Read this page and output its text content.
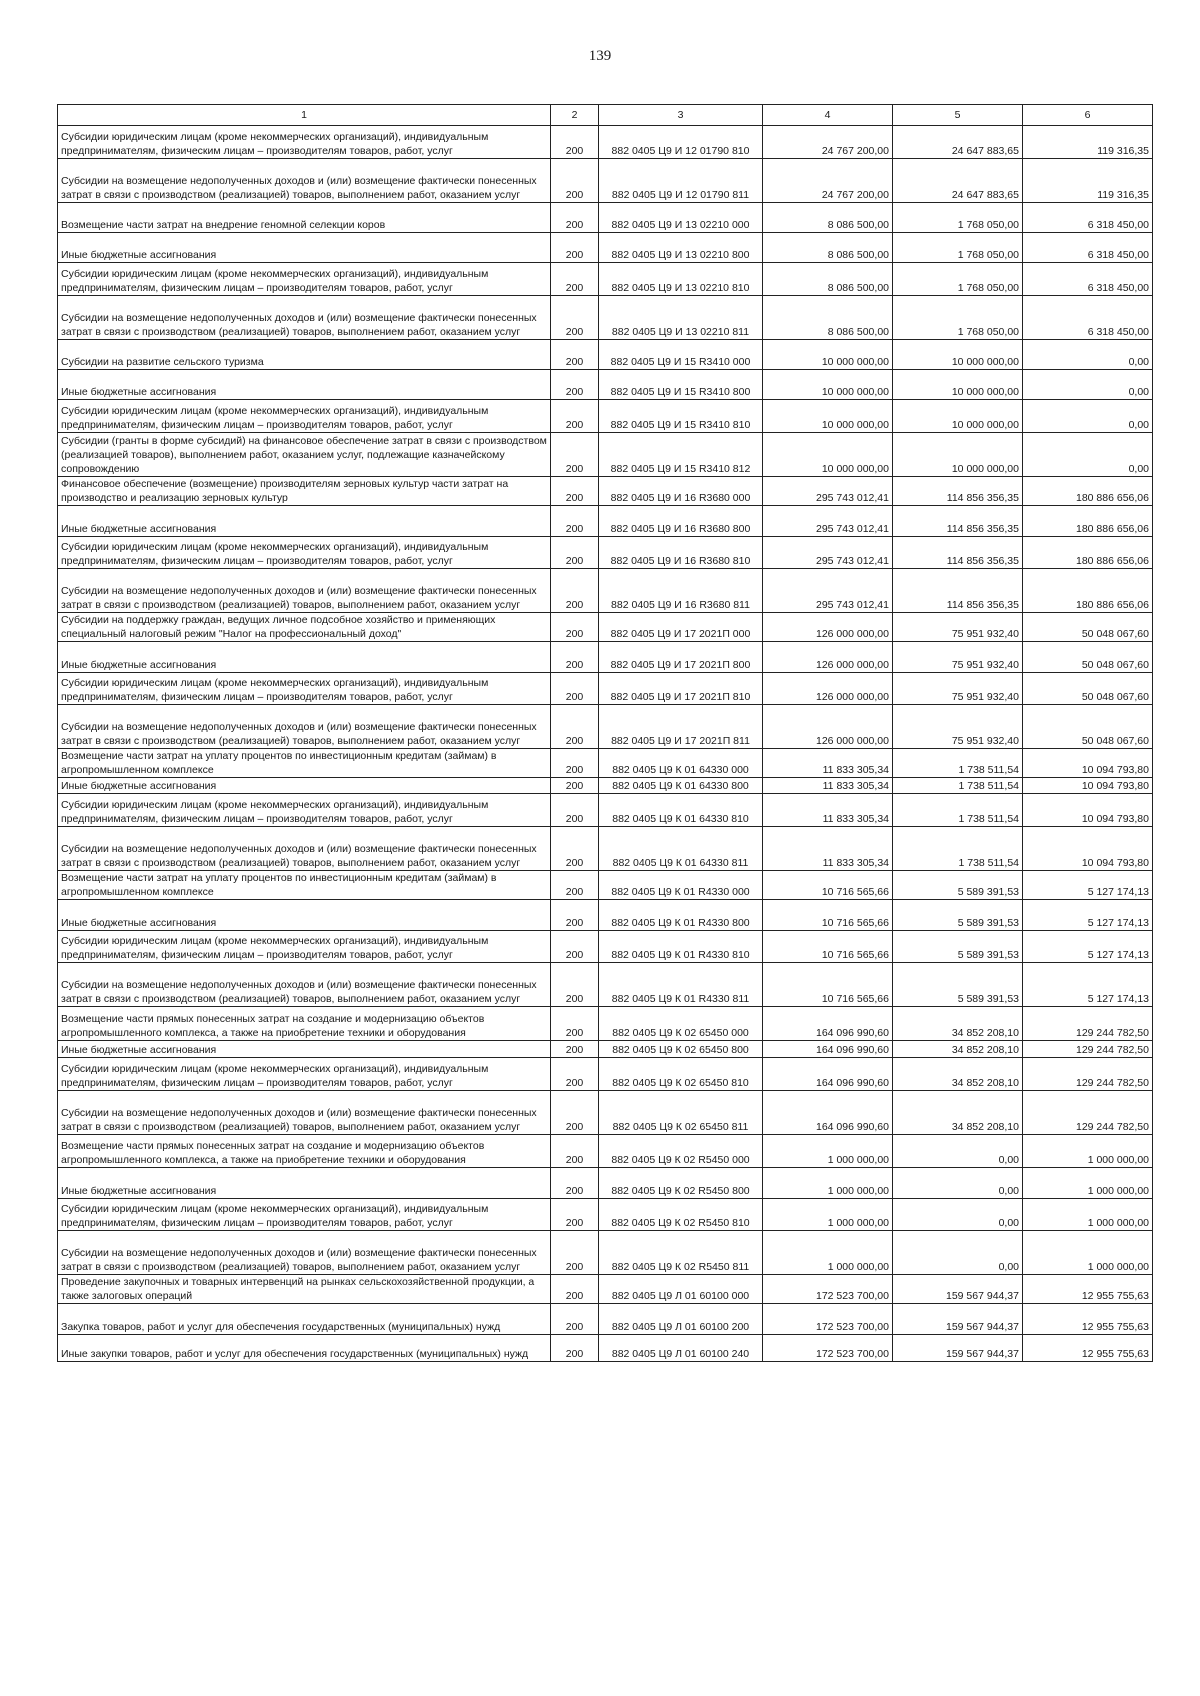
139
1	2	3	4	5	6
Субсидии юридическим лицам (кроме некоммерческих организаций), индивидуальным предпринимателям, физическим лицам – производителям товаров, работ, услуг	200	882 0405 Ц9 И 12 01790 810	24 767 200,00	24 647 883,65	119 316,35
Субсидии на возмещение недополученных доходов и (или) возмещение фактически понесенных затрат в связи с производством (реализацией) товаров, выполнением работ, оказанием услуг	200	882 0405 Ц9 И 12 01790 811	24 767 200,00	24 647 883,65	119 316,35
Возмещение части затрат на внедрение геномной селекции коров	200	882 0405 Ц9 И 13 02210 000	8 086 500,00	1 768 050,00	6 318 450,00
Иные бюджетные ассигнования	200	882 0405 Ц9 И 13 02210 800	8 086 500,00	1 768 050,00	6 318 450,00
Субсидии юридическим лицам (кроме некоммерческих организаций), индивидуальным предпринимателям, физическим лицам – производителям товаров, работ, услуг	200	882 0405 Ц9 И 13 02210 810	8 086 500,00	1 768 050,00	6 318 450,00
Субсидии на возмещение недополученных доходов и (или) возмещение фактически понесенных затрат в связи с производством (реализацией) товаров, выполнением работ, оказанием услуг	200	882 0405 Ц9 И 13 02210 811	8 086 500,00	1 768 050,00	6 318 450,00
Субсидии на развитие сельского туризма	200	882 0405 Ц9 И 15 R3410 000	10 000 000,00	10 000 000,00	0,00
Иные бюджетные ассигнования	200	882 0405 Ц9 И 15 R3410 800	10 000 000,00	10 000 000,00	0,00
Субсидии юридическим лицам (кроме некоммерческих организаций), индивидуальным предпринимателям, физическим лицам – производителям товаров, работ, услуг	200	882 0405 Ц9 И 15 R3410 810	10 000 000,00	10 000 000,00	0,00
Субсидии (гранты в форме субсидий) на финансовое обеспечение затрат в связи с производством (реализацией товаров), выполнением работ, оказанием услуг, подлежащие казначейскому сопровождению	200	882 0405 Ц9 И 15 R3410 812	10 000 000,00	10 000 000,00	0,00
Финансовое обеспечение (возмещение) производителям зерновых культур части затрат на производство и реализацию зерновых культур	200	882 0405 Ц9 И 16 R3680 000	295 743 012,41	114 856 356,35	180 886 656,06
Иные бюджетные ассигнования	200	882 0405 Ц9 И 16 R3680 800	295 743 012,41	114 856 356,35	180 886 656,06
Субсидии юридическим лицам (кроме некоммерческих организаций), индивидуальным предпринимателям, физическим лицам – производителям товаров, работ, услуг	200	882 0405 Ц9 И 16 R3680 810	295 743 012,41	114 856 356,35	180 886 656,06
Субсидии на возмещение недополученных доходов и (или) возмещение фактически понесенных затрат в связи с производством (реализацией) товаров, выполнением работ, оказанием услуг	200	882 0405 Ц9 И 16 R3680 811	295 743 012,41	114 856 356,35	180 886 656,06
Субсидии на поддержку граждан, ведущих личное подсобное хозяйство и применяющих специальный налоговый режим "Налог на профессиональный доход"	200	882 0405 Ц9 И 17 2021П 000	126 000 000,00	75 951 932,40	50 048 067,60
Иные бюджетные ассигнования	200	882 0405 Ц9 И 17 2021П 800	126 000 000,00	75 951 932,40	50 048 067,60
Субсидии юридическим лицам (кроме некоммерческих организаций), индивидуальным предпринимателям, физическим лицам – производителям товаров, работ, услуг	200	882 0405 Ц9 И 17 2021П 810	126 000 000,00	75 951 932,40	50 048 067,60
Субсидии на возмещение недополученных доходов и (или) возмещение фактически понесенных затрат в связи с производством (реализацией) товаров, выполнением работ, оказанием услуг	200	882 0405 Ц9 И 17 2021П 811	126 000 000,00	75 951 932,40	50 048 067,60
Возмещение части затрат на уплату процентов по инвестиционным кредитам (займам) в агропромышленном комплексе	200	882 0405 Ц9 К 01 64330 000	11 833 305,34	1 738 511,54	10 094 793,80
Иные бюджетные ассигнования	200	882 0405 Ц9 К 01 64330 800	11 833 305,34	1 738 511,54	10 094 793,80
Субсидии юридическим лицам (кроме некоммерческих организаций), индивидуальным предпринимателям, физическим лицам – производителям товаров, работ, услуг	200	882 0405 Ц9 К 01 64330 810	11 833 305,34	1 738 511,54	10 094 793,80
Субсидии на возмещение недополученных доходов и (или) возмещение фактически понесенных затрат в связи с производством (реализацией) товаров, выполнением работ, оказанием услуг	200	882 0405 Ц9 К 01 64330 811	11 833 305,34	1 738 511,54	10 094 793,80
Возмещение части затрат на уплату процентов по инвестиционным кредитам (займам) в агропромышленном комплексе	200	882 0405 Ц9 К 01 R4330 000	10 716 565,66	5 589 391,53	5 127 174,13
Иные бюджетные ассигнования	200	882 0405 Ц9 К 01 R4330 800	10 716 565,66	5 589 391,53	5 127 174,13
Субсидии юридическим лицам (кроме некоммерческих организаций), индивидуальным предпринимателям, физическим лицам – производителям товаров, работ, услуг	200	882 0405 Ц9 К 01 R4330 810	10 716 565,66	5 589 391,53	5 127 174,13
Субсидии на возмещение недополученных доходов и (или) возмещение фактически понесенных затрат в связи с производством (реализацией) товаров, выполнением работ, оказанием услуг	200	882 0405 Ц9 К 01 R4330 811	10 716 565,66	5 589 391,53	5 127 174,13
Возмещение части прямых понесенных затрат на создание и модернизацию объектов агропромышленного комплекса, а также на приобретение техники и оборудования	200	882 0405 Ц9 К 02 65450 000	164 096 990,60	34 852 208,10	129 244 782,50
Иные бюджетные ассигнования	200	882 0405 Ц9 К 02 65450 800	164 096 990,60	34 852 208,10	129 244 782,50
Субсидии юридическим лицам (кроме некоммерческих организаций), индивидуальным предпринимателям, физическим лицам – производителям товаров, работ, услуг	200	882 0405 Ц9 К 02 65450 810	164 096 990,60	34 852 208,10	129 244 782,50
Субсидии на возмещение недополученных доходов и (или) возмещение фактически понесенных затрат в связи с производством (реализацией) товаров, выполнением работ, оказанием услуг	200	882 0405 Ц9 К 02 65450 811	164 096 990,60	34 852 208,10	129 244 782,50
Возмещение части прямых понесенных затрат на создание и модернизацию объектов агропромышленного комплекса, а также на приобретение техники и оборудования	200	882 0405 Ц9 К 02 R5450 000	1 000 000,00	0,00	1 000 000,00
Иные бюджетные ассигнования	200	882 0405 Ц9 К 02 R5450 800	1 000 000,00	0,00	1 000 000,00
Субсидии юридическим лицам (кроме некоммерческих организаций), индивидуальным предпринимателям, физическим лицам – производителям товаров, работ, услуг	200	882 0405 Ц9 К 02 R5450 810	1 000 000,00	0,00	1 000 000,00
Субсидии на возмещение недополученных доходов и (или) возмещение фактически понесенных затрат в связи с производством (реализацией) товаров, выполнением работ, оказанием услуг	200	882 0405 Ц9 К 02 R5450 811	1 000 000,00	0,00	1 000 000,00
Проведение закупочных и товарных интервенций на рынках сельскохозяйственной продукции, а также залоговых операций	200	882 0405 Ц9 Л 01 60100 000	172 523 700,00	159 567 944,37	12 955 755,63
Закупка товаров, работ и услуг для обеспечения государственных (муниципальных) нужд	200	882 0405 Ц9 Л 01 60100 200	172 523 700,00	159 567 944,37	12 955 755,63
Иные закупки товаров, работ и услуг для обеспечения государственных (муниципальных) нужд	200	882 0405 Ц9 Л 01 60100 240	172 523 700,00	159 567 944,37	12 955 755,63
